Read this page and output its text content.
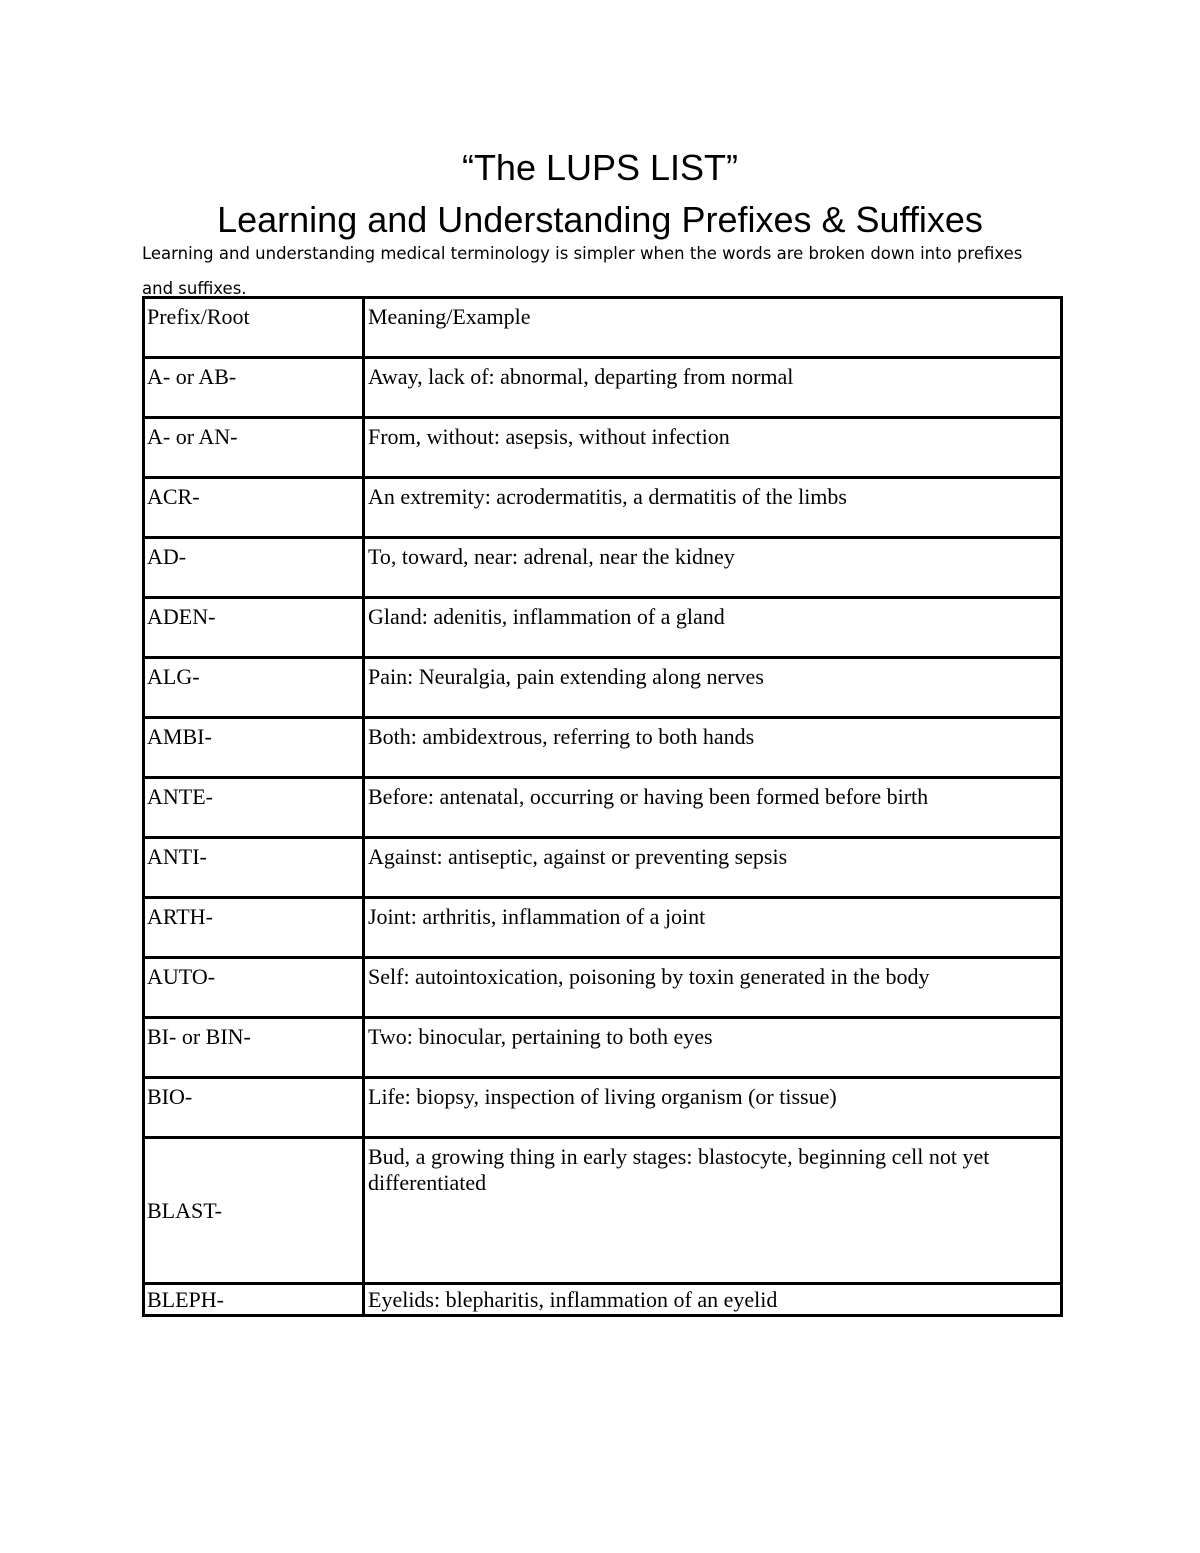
“The LUPS LIST”
Learning and Understanding Prefixes & Suffixes
Learning and understanding medical terminology is simpler when the words are broken down into prefixes and suffixes.
Prefix/Root	Meaning/Example
A- or AB-	Away, lack of: abnormal, departing from normal
A- or AN-	From, without: asepsis, without infection
ACR-	An extremity: acrodermatitis, a dermatitis of the limbs
AD-	To, toward, near: adrenal, near the kidney
ADEN-	Gland: adenitis, inflammation of a gland
ALG-	Pain: Neuralgia, pain extending along nerves
AMBI-	Both: ambidextrous, referring to both hands
ANTE-	Before: antenatal, occurring or having been formed before birth
ANTI-	Against: antiseptic, against or preventing sepsis
ARTH-	Joint: arthritis, inflammation of a joint
AUTO-	Self: autointoxication, poisoning by toxin generated in the body
BI- or BIN-	Two: binocular, pertaining to both eyes
BIO-	Life: biopsy, inspection of living organism (or tissue)
BLAST-	Bud, a growing thing in early stages: blastocyte, beginning cell not yet differentiated
BLEPH-	Eyelids: blepharitis, inflammation of an eyelid
